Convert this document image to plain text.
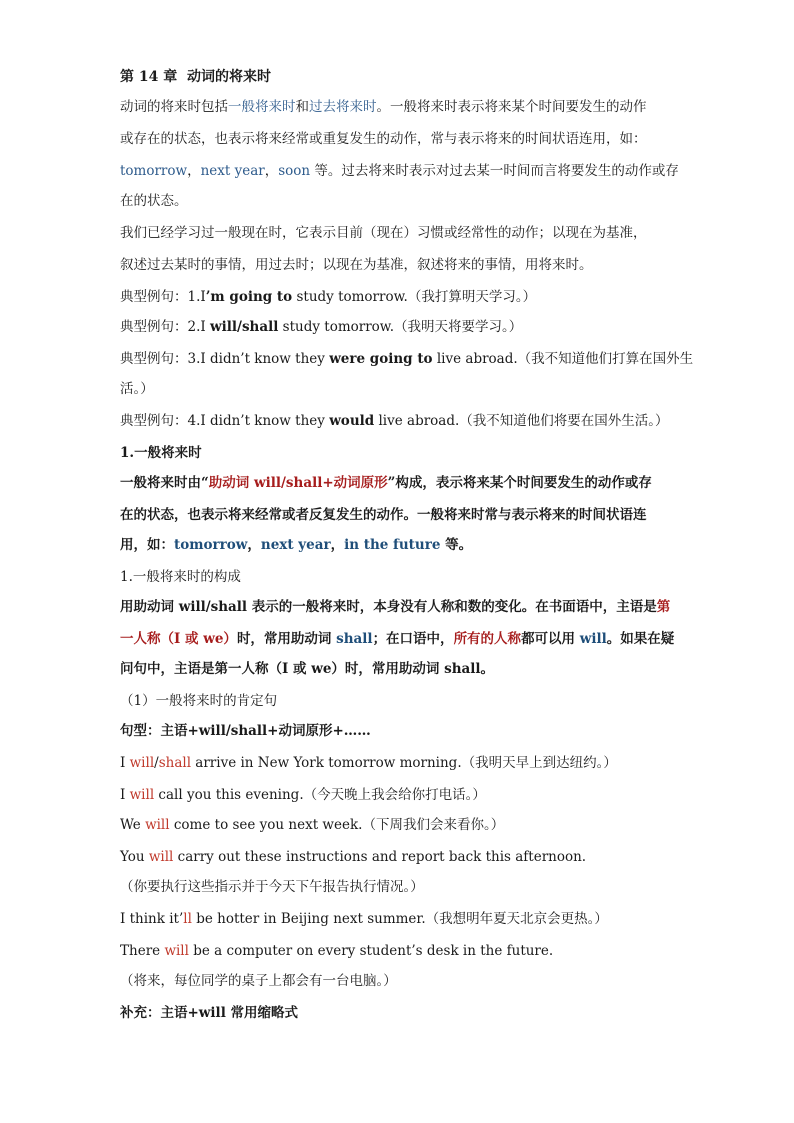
第 14 章 动词的将来时
动词的将来时包括一般将来时和过去将来时。一般将来时表示将来某个时间要发生的动作
或存在的状态，也表示将来经常或重复发生的动作，常与表示将来的时间状语连用，如：
tomorrow，next year，soon 等。过去将来时表示对过去某一时间而言将要发生的动作或存
在的状态。
我们已经学习过一般现在时，它表示目前（现在）习惯或经常性的动作；以现在为基准，
叙述过去某时的事情，用过去时；以现在为基准，叙述将来的事情，用将来时。
典型例句：1.I’m going to study tomorrow.（我打算明天学习。）
典型例句：2.I will/shall study tomorrow.（我明天将要学习。）
典型例句：3.I didn’t know they were going to live abroad.（我不知道他们打算在国外生
活。）
典型例句：4.I didn’t know they would live abroad.（我不知道他们将要在国外生活。）
1.一般将来时
一般将来时由“助动词 will/shall+动词原形”构成，表示将来某个时间要发生的动作或存
在的状态，也表示将来经常或者反复发生的动作。一般将来时常与表示将来的时间状语连
用，如：tomorrow，next year，in the future 等。
1.一般将来时的构成
用助动词 will/shall 表示的一般将来时，本身没有人称和数的变化。在书面语中，主语是第
一人称（I 或 we）时，常用助动词 shall；在口语中，所有的人称都可以用 will。如果在疑
问句中，主语是第一人称（I 或 we）时，常用助动词 shall。
（1）一般将来时的肯定句
句型：主语+will/shall+动词原形+……
I will/shall arrive in New York tomorrow morning.（我明天早上到达纽约。）
I will call you this evening.（今天晚上我会给你打电话。）
We will come to see you next week.（下周我们会来看你。）
You will carry out these instructions and report back this afternoon.
（你要执行这些指示并于今天下午报告执行情况。）
I think it’ll be hotter in Beijing next summer.（我想明年夏天北京会更热。）
There will be a computer on every student’s desk in the future.
（将来，每位同学的桌子上都会有一台电脑。）
补充：主语+will 常用缩略式
